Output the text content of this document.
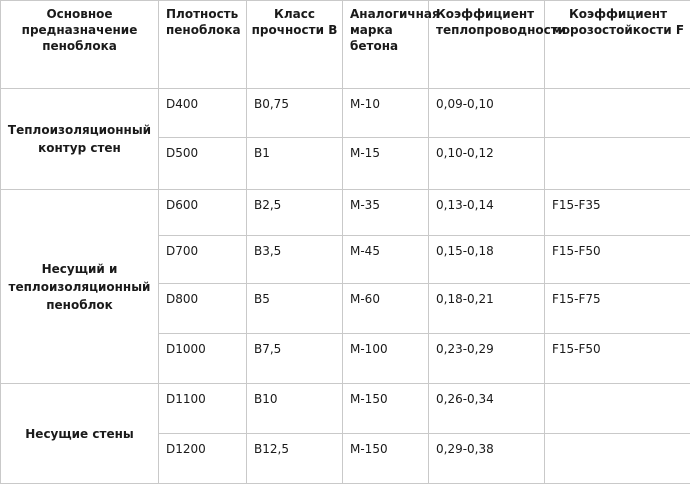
Основное предназначение пеноблока	Плотность пеноблока	Класс прочности В	Аналогичная марка бетона	Коэффициент теплопроводности	Коэффициент морозостойкости F
Теплоизоляционный контур стен	D400	В0,75	М-10	0,09-0,10	
	D500	В1	М-15	0,10-0,12	
Несущий и теплоизоляционный пеноблок	D600	В2,5	М-35	0,13-0,14	F15-F35
	D700	В3,5	М-45	0,15-0,18	F15-F50
	D800	В5	М-60	0,18-0,21	F15-F75
	D1000	В7,5	М-100	0,23-0,29	F15-F50
Несущие стены	D1100	В10	М-150	0,26-0,34	
	D1200	В12,5	М-150	0,29-0,38	
